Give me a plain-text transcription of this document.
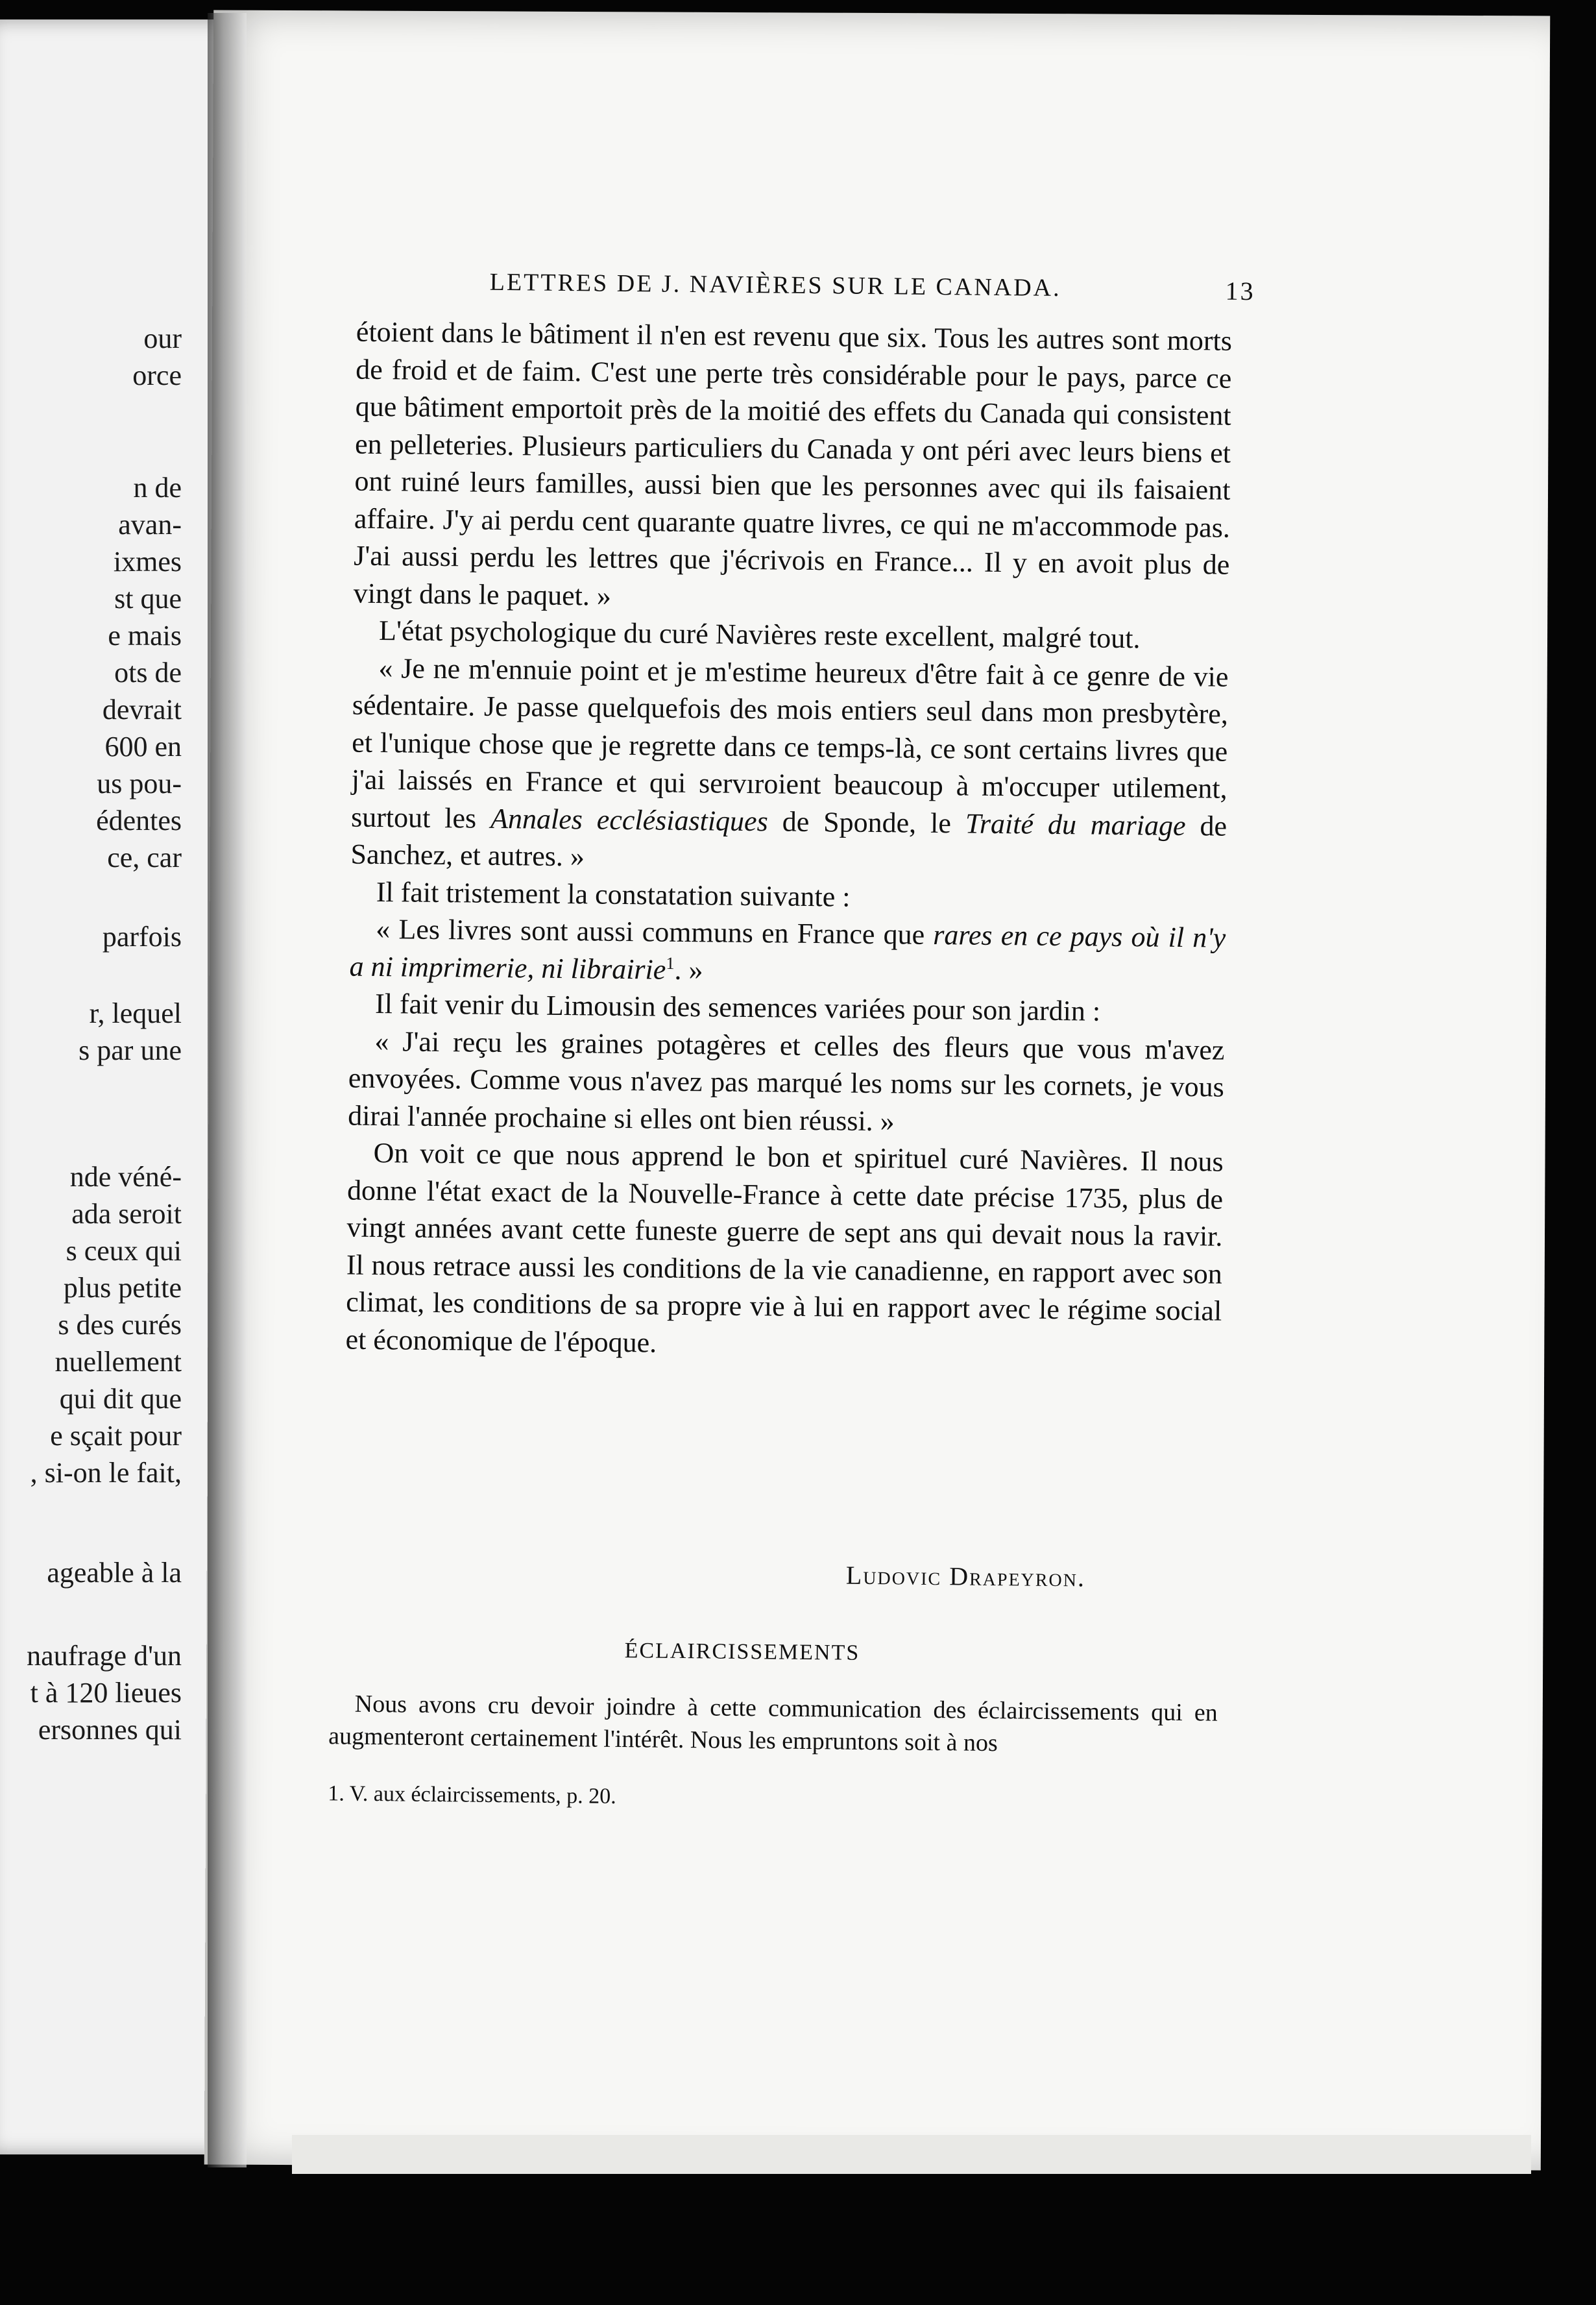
our
orce
n de
avan-
ixmes
st que
e mais
ots de
devrait
600 en
us pou-
édentes
ce, car
parfois
r, lequel
s par une
nde véné-
ada seroit
s ceux qui
plus petite
s des curés
nuellement
qui dit que
e sçait pour
, si-on le fait,
ageable à la
naufrage d'un
t à 120 lieues
ersonnes qui
LETTRES DE J. NAVIÈRES SUR LE CANADA.	13

étoient dans le bâtiment il n'en est revenu que six. Tous les autres sont morts de froid et de faim. C'est une perte très considérable pour le pays, parce ce que bâtiment emportoit près de la moitié des effets du Canada qui consistent en pelleteries. Plusieurs particuliers du Canada y ont péri avec leurs biens et ont ruiné leurs familles, aussi bien que les personnes avec qui ils faisaient affaire. J'y ai perdu cent quarante quatre livres, ce qui ne m'accommode pas. J'ai aussi perdu les lettres que j'écrivois en France... Il y en avoit plus de vingt dans le paquet. »

L'état psychologique du curé Navières reste excellent, malgré tout.

« Je ne m'ennuie point et je m'estime heureux d'être fait à ce genre de vie sédentaire. Je passe quelquefois des mois entiers seul dans mon presbytère, et l'unique chose que je regrette dans ce temps-là, ce sont certains livres que j'ai laissés en France et qui servıroient beaucoup à m'occuper utilement, surtout les Annales ecclésiastiques de Sponde, le Traité du mariage de Sanchez, et autres. »

Il fait tristement la constatation suivante :

« Les livres sont aussi communs en France que rares en ce pays où il n'y a ni imprimerie, ni librairie$^1$. »

Il fait venir du Limousin des semences variées pour son jardin :

« J'ai reçu les graines potagères et celles des fleurs que vous m'avez envoyées. Comme vous n'avez pas marqué les noms sur les cornets, je vous dirai l'année prochaine si elles ont bien réussi. »

On voit ce que nous apprend le bon et spirituel curé Navières. Il nous donne l'état exact de la Nouvelle-France à cette date précise 1735, plus de vingt années avant cette funeste guerre de sept ans qui devait nous la ravir. Il nous retrace aussi les conditions de la vie canadienne, en rapport avec son climat, les conditions de sa propre vie à lui en rapport avec le régime social et économique de l'époque.

Ludovic Drapeyron.
ÉCLAIRCISSEMENTS

Nous avons cru devoir joindre à cette communication des éclaircissements qui en augmenteront certainement l'intérêt. Nous les empruntons soit à nos

1. V. aux éclaircissements, p. 20.
